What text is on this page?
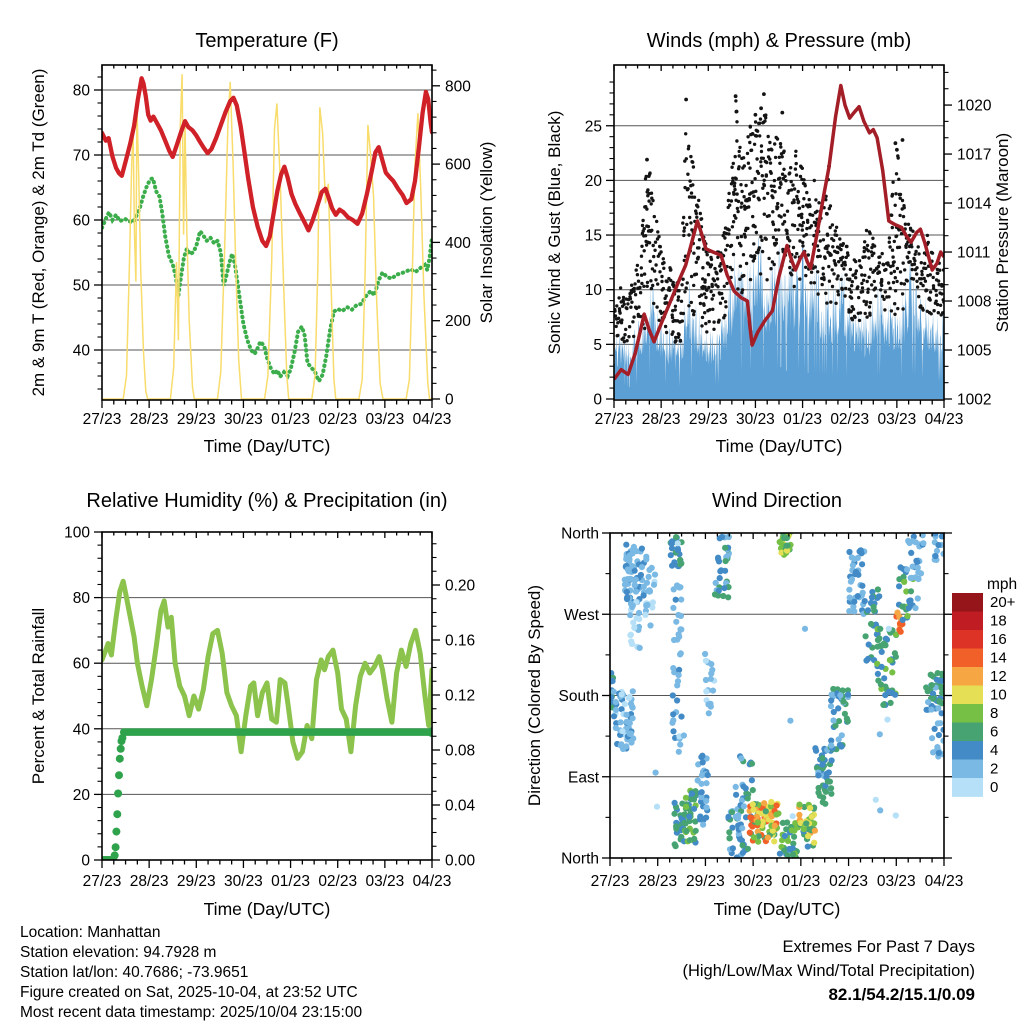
Temperature (F)
40
50
60
70
80
0
200
400
600
800
27/23 28/23 29/23 30/23 01/23 02/23 03/23 04/23
Time (Day/UTC)
2m & 9m T (Red, Orange) & 2m Td (Green)	Solar Insolation (Yellow)
Winds (mph) & Pressure (mb)
0
5
10
15
20
25
1002
1005
1008
1011
1014
1017
1020
27/23 28/23 29/23 30/23 01/23 02/23 03/23 04/23
Time (Day/UTC)
Sonic Wind & Gust (Blue, Black)	Station Pressure (Maroon)
Relative Humidity (%) & Precipitation (in)
0
20
40
60
80
100
0.00
0.04
0.08
0.12
0.16
0.20
27/23 28/23 29/23 30/23 01/23 02/23 03/23 04/23
Time (Day/UTC)
Percent & Total Rainfall
Wind Direction
North
West
South
East
North
27/23 28/23 29/23 30/23 01/23 02/23 03/23 04/23
Time (Day/UTC)
Direction (Colored By Speed)
mph
20+
18
16
14
12
10
8
6
4
2
0
Location: Manhattan
Station elevation: 94.7928 m
Station lat/lon: 40.7686; -73.9651
Figure created on Sat, 2025-10-04, at 23:52 UTC
Most recent data timestamp: 2025/10/04 23:15:00
Extremes For Past 7 Days
(High/Low/Max Wind/Total Precipitation)
82.1/54.2/15.1/0.09
